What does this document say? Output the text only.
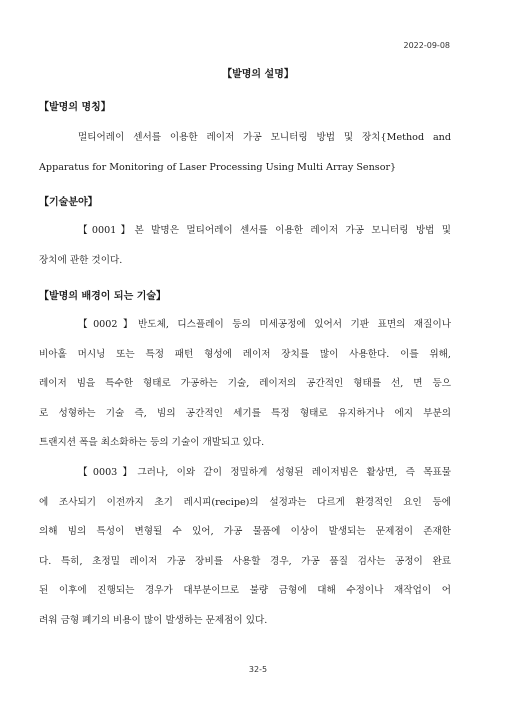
2022-09-08
【발명의 설명】
【발명의 명칭】
멀티어레이 센서를 이용한 레이저 가공 모니터링 방법 및 장치{Method and
Apparatus for Monitoring of Laser Processing Using Multi Array Sensor}
【기술분야】
【0001】본 발명은 멀티어레이 센서를 이용한 레이저 가공 모니터링 방법 및
장치에 관한 것이다.
【발명의 배경이 되는 기술】
【0002】반도체, 디스플레이 등의 미세공정에 있어서 기판 표면의 재질이나
비아홀 머시닝 또는 특정 패턴 형성에 레이저 장치를 많이 사용한다. 이를 위해,
레이저 빔을 특수한 형태로 가공하는 기술, 레이저의 공간적인 형태를 선, 면 등으
로 성형하는 기술 즉, 빔의 공간적인 세기를 특정 형태로 유지하거나 에지 부분의
트랜지션 폭을 최소화하는 등의 기술이 개발되고 있다.
【0003】그러나, 이와 같이 정밀하게 성형된 레이저빔은 활상면, 즉 목표물
에 조사되기 이전까지 초기 레시피(recipe)의 설정과는 다르게 환경적인 요인 등에
의해 빔의 특성이 변형될 수 있어, 가공 물품에 이상이 발생되는 문제점이 존재한
다. 특히, 초정밀 레이저 가공 장비를 사용할 경우, 가공 품질 검사는 공정이 완료
된 이후에 진행되는 경우가 대부분이므로 불량 금형에 대해 수정이나 재작업이 어
려워 금형 폐기의 비용이 많이 발생하는 문제점이 있다.
32-5
